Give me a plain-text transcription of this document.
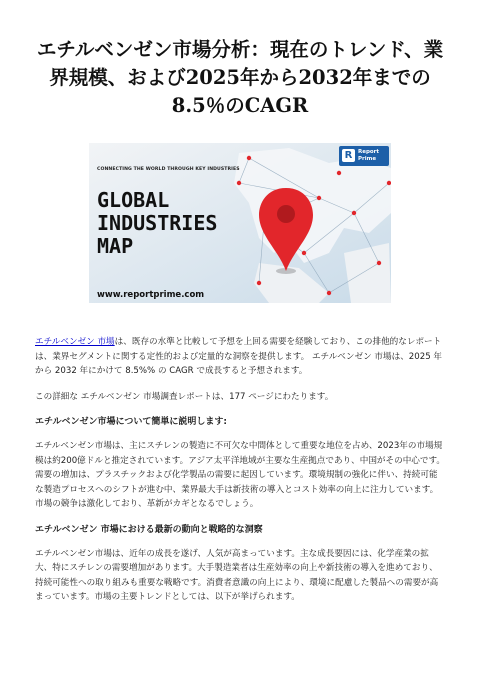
エチルベンゼン市場分析：現在のトレンド、業界規模、および2025年から2032年までの8.5％のCAGR
CONNECTING THE WORLD THROUGH KEY INDUSTRIES
R	Report
Prime
GLOBAL
INDUSTRIES
MAP
www.reportprime.com

エチルベンゼン 市場は、既存の水準と比較して予想を上回る需要を経験しており、この排他的なレポートは、業界セグメントに関する定性的および定量的な洞察を提供します。 エチルベンゼン 市場は、2025 年から 2032 年にかけて 8.5%% の CAGR で成長すると予想されます。

この詳細な エチルベンゼン 市場調査レポートは、177 ページにわたります。

エチルベンゼン市場について簡単に説明します:

エチルベンゼン市場は、主にスチレンの製造に不可欠な中間体として重要な地位を占め、2023年の市場規模は約200億ドルと推定されています。アジア太平洋地域が主要な生産拠点であり、中国がその中心です。需要の増加は、プラスチックおよび化学製品の需要に起因しています。環境規制の強化に伴い、持続可能な製造プロセスへのシフトが進む中、業界最大手は新技術の導入とコスト効率の向上に注力しています。市場の競争は激化しており、革新がカギとなるでしょう。

エチルベンゼン 市場における最新の動向と戦略的な洞察

エチルベンゼン市場は、近年の成長を遂げ、人気が高まっています。主な成長要因には、化学産業の拡大、特にスチレンの需要増加があります。大手製造業者は生産効率の向上や新技術の導入を進めており、持続可能性への取り組みも重要な戦略です。消費者意識の向上により、環境に配慮した製品への需要が高まっています。市場の主要トレンドとしては、以下が挙げられます。
